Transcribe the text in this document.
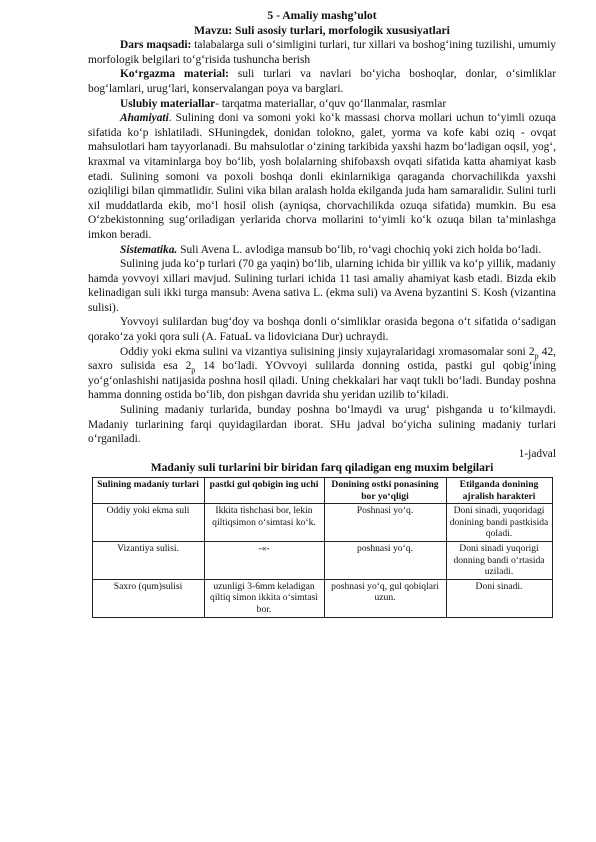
5 - Amaliy mashg’ulot
Mavzu: Suli asosiy turlari, morfologik xususiyatlari

Dars maqsadi: talabalarga suli o‘simligini turlari, tur xillari va boshog‘ining tuzilishi, umumiy morfologik belgilari to‘g‘risida tushuncha berish

Ko‘rgazma material: suli turlari va navlari bo‘yicha boshoqlar, donlar, o‘simliklar bog‘lamlari, urug‘lari, konservalangan poya va barglari.

Uslubiy materiallar- tarqatma materiallar, o‘quv qo‘llanmalar, rasmlar

Ahamiyati. Sulining doni va somoni yoki ko‘k massasi chorva mollari uchun to‘yimli ozuqa sifatida ko‘p ishlatiladi. SHuningdek, donidan tolokno, galet, yorma va kofe kabi oziq - ovqat mahsulotlari ham tayyorlanadi. Bu mahsulotlar o‘zining tarkibida yaxshi hazm bo‘ladigan oqsil, yog‘, kraxmal va vitaminlarga boy bo‘lib, yosh bolalarning shifobaxsh ovqati sifatida katta ahamiyat kasb etadi. Sulining somoni va poxoli boshqa donli ekinlarnikiga qaraganda chorvachilikda yaxshi oziqliligi bilan qimmatlidir. Sulini vika bilan aralash holda ekilganda juda ham samaralidir. Sulini turli xil muddatlarda ekib, mo‘l hosil olish (ayniqsa, chorvachilikda ozuqa sifatida) mumkin. Bu esa O‘zbekistonning sug‘oriladigan yerlarida chorva mollarini to‘yimli ko‘k ozuqa bilan ta’minlashga imkon beradi.

Sistematika. Suli Avena L. avlodiga mansub bo‘lib, ro‘vagi chochiq yoki zich holda bo‘ladi.

Sulining juda ko‘p turlari (70 ga yaqin) bo‘lib, ularning ichida bir yillik va ko‘p yillik, madaniy hamda yovvoyi xillari mavjud. Sulining turlari ichida 11 tasi amaliy ahamiyat kasb etadi. Bizda ekib kelinadigan suli ikki turga mansub: Avena sativa L. (ekma suli) va Avena byzantini S. Kosh (vizantina sulisi).

Yovvoyi sulilardan bug‘doy va boshqa donli o‘simliklar orasida begona o‘t sifatida o‘sadigan qorako‘za yoki qora suli (A. FatuaL va lidoviciana Dur) uchraydi.

Oddiy yoki ekma sulini va vizantiya sulisining jinsiy xujayralaridagi xromasomalar soni $2_p$ 42, saxro sulisida esa $2_p$ 14 bo‘ladi. YOvvoyi sulilarda donning ostida, pastki gul qobig‘ining yo‘g‘onlashishi natijasida poshna hosil qiladi. Uning chekkalari har vaqt tukli bo‘ladi. Bunday poshna hamma donning ostida bo‘lib, don pishgan davrida shu yeridan uzilib to‘kiladi.

Sulining madaniy turlarida, bunday poshna bo‘lmaydi va urug‘ pishganda u to‘kilmaydi. Madaniy turlarining farqi quyidagilardan iborat. SHu jadval bo‘yicha sulining madaniy turlari o‘rganiladi.

1-jadval
Madaniy suli turlarini bir biridan farq qiladigan eng muxim belgilari
Sulining madaniy turlari	pastki gul qobigin ing uchi	Donining ostki ponasining bor yo‘qligi	Etilganda donining ajralish harakteri
Oddiy yoki ekma suli	Ikkita tishchasi bor, lekin qiltiqsimon o‘simtasi ko‘k.	Poshnasi yo‘q.	Doni sinadi, yuqoridagi donining bandi pastkisida qoladi.
Vizantiya sulisi.	-«-	poshnasi yo‘q.	Doni sinadi yuqorigi donning bandi o‘rtasida uziladi.
Saxro (qum)sulisi	uzunligi 3-6mm keladigan qiltiq simon ikkita o‘simtasi bor.	poshnasi yo‘q, gul qobiqlari uzun.	Doni sinadi.
